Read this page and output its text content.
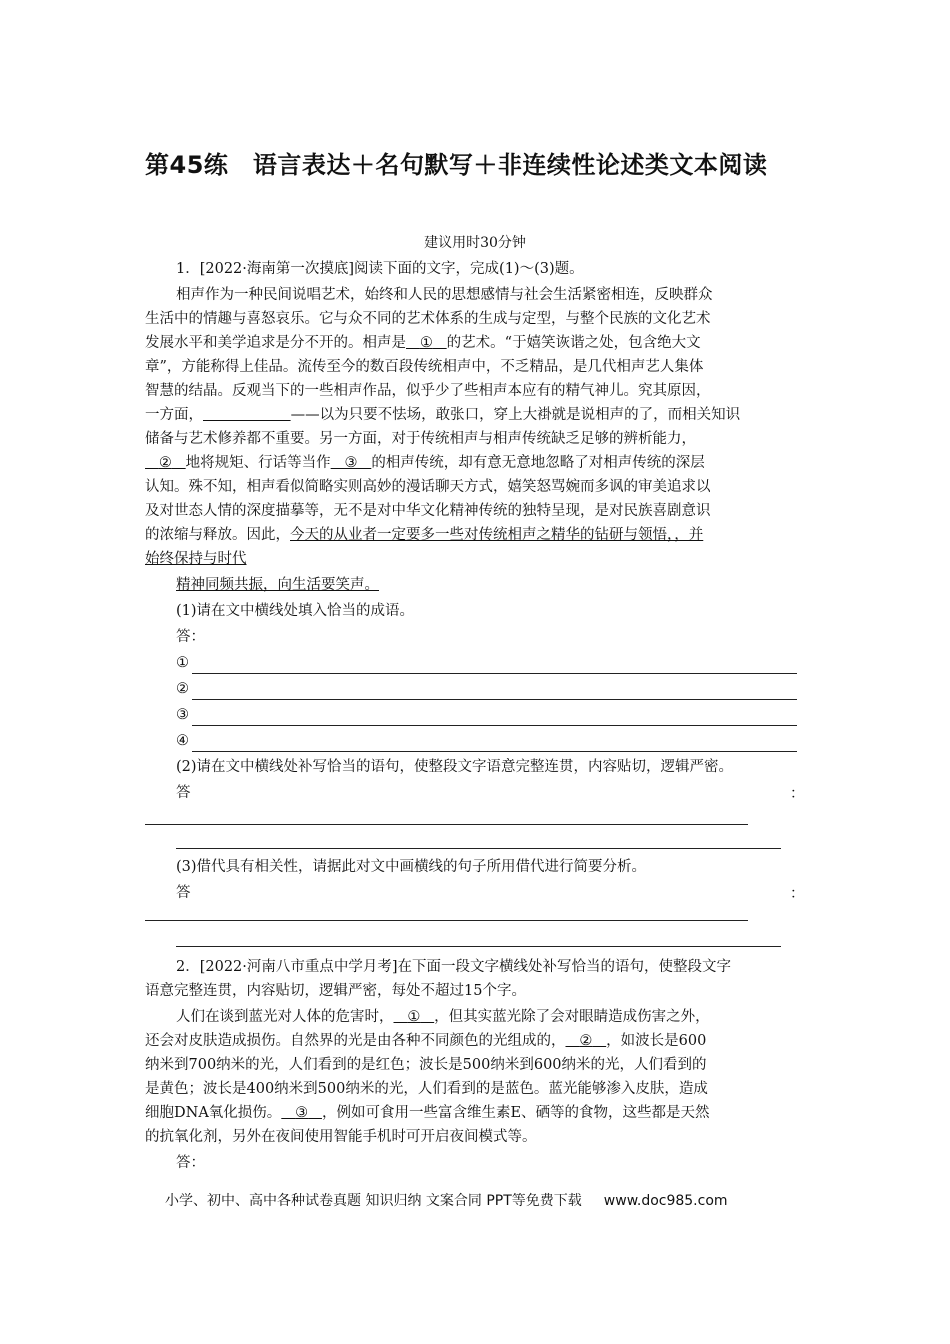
第45练　语言表达＋名句默写＋非连续性论述类文本阅读
建议用时30分钟
1．[2022·海南第一次摸底]阅读下面的文字，完成(1)～(3)题。
相声作为一种民间说唱艺术，始终和人民的思想感情与社会生活紧密相连，反映群众
生活中的情趣与喜怒哀乐。它与众不同的艺术体系的生成与定型，与整个民族的文化艺术
发展水平和美学追求是分不开的。相声是 ① 的艺术。“于嬉笑诙谐之处，包含绝大文
章”，方能称得上佳品。流传至今的数百段传统相声中，不乏精品，是几代相声艺人集体
智慧的结晶。反观当下的一些相声作品，似乎少了些相声本应有的精气神儿。究其原因，
一方面，	——以为只要不怯场，敢张口，穿上大褂就是说相声的了，而相关知识
储备与艺术修养都不重要。另一方面，对于传统相声与相声传统缺乏足够的辨析能力，
② 地将规矩、行话等当作 ③ 的相声传统，却有意无意地忽略了对相声传统的深层
认知。殊不知，相声看似简略实则高妙的漫话聊天方式，嬉笑怒骂婉而多讽的审美追求以
及对世态人情的深度描摹等，无不是对中华文化精神传统的独特呈现，是对民族喜剧意识
的浓缩与释放。因此，今天的从业者一定要多一些对传统相声之精华的钻研与领悟，，并
始终保持与时代
精神同频共振，向生活要笑声。
(1)请在文中横线处填入恰当的成语。
答：
①
②
③
④
(2)请在文中横线处补写恰当的语句，使整段文字语意完整连贯，内容贴切，逻辑严密。
答	：
(3)借代具有相关性，请据此对文中画横线的句子所用借代进行简要分析。
答	：
2．[2022·河南八市重点中学月考]在下面一段文字横线处补写恰当的语句，使整段文字
语意完整连贯，内容贴切，逻辑严密，每处不超过15个字。
人们在谈到蓝光对人体的危害时， ① ，但其实蓝光除了会对眼睛造成伤害之外，
还会对皮肤造成损伤。自然界的光是由各种不同颜色的光组成的， ② ，如波长是600
纳米到700纳米的光，人们看到的是红色；波长是500纳米到600纳米的光，人们看到的
是黄色；波长是400纳米到500纳米的光，人们看到的是蓝色。蓝光能够渗入皮肤，造成
细胞DNA氧化损伤。 ③ ，例如可食用一些富含维生素E、硒等的食物，这些都是天然
的抗氧化剂，另外在夜间使用智能手机时可开启夜间模式等。
答：
小学、初中、高中各种试卷真题 知识归纳 文案合同 PPT等免费下载 www.doc985.com
